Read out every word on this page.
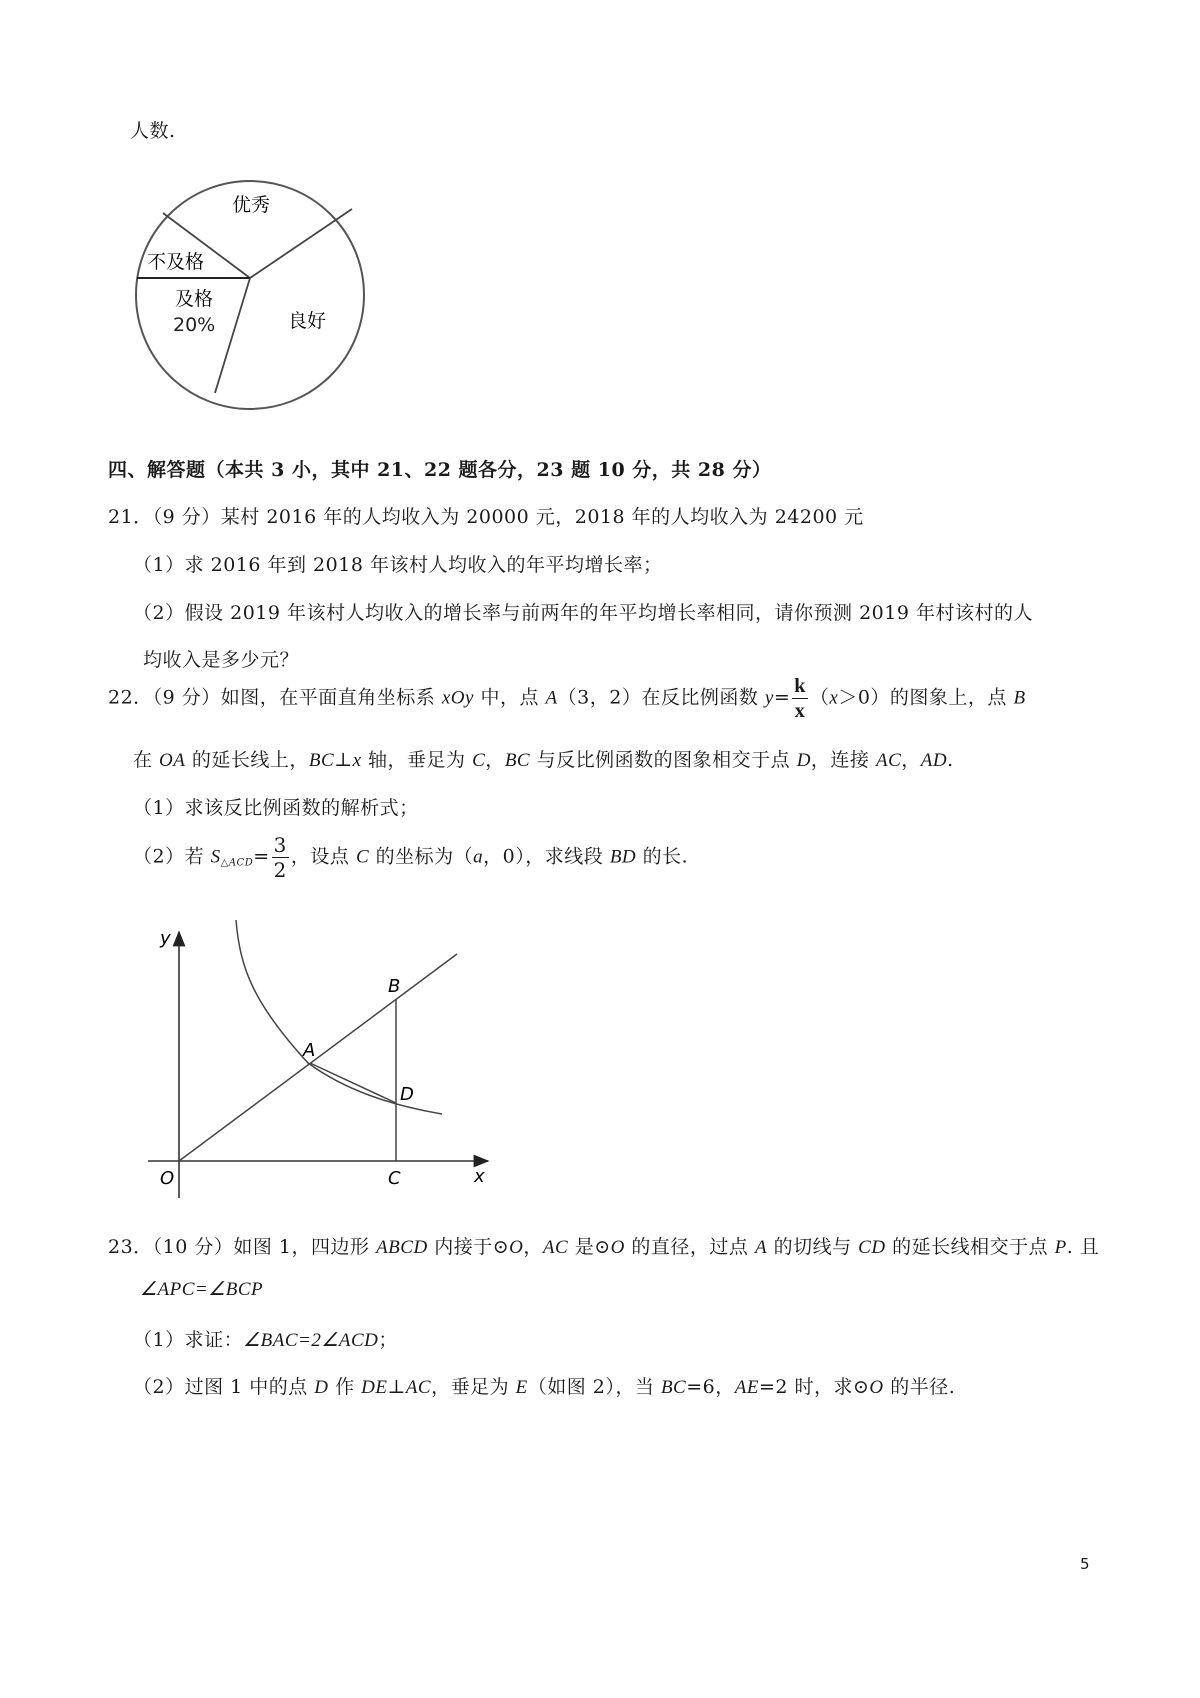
人数.
优秀
良好
及格
20%
不及格
四、解答题（本共 3 小，其中 21、22 题各分，23 题 10 分，共 28 分）
21．（9 分）某村 2016 年的人均收入为 20000 元，2018 年的人均收入为 24200 元
（1）求 2016 年到 2018 年该村人均收入的年平均增长率；
（2）假设 2019 年该村人均收入的增长率与前两年的年平均增长率相同，请你预测 2019 年村该村的人
均收入是多少元？
22．（9 分）如图，在平面直角坐标系 xOy 中，点 A（3，2）在反比例函数 $y= \frac{k}{x} (x>0)$的图象上，点 B
在 OA 的延长线上，BC⊥x 轴，垂足为 C，BC 与反比例函数的图象相交于点 D，连接 AC，AD.
（1）求该反比例函数的解析式；
（2）若 $S_{\triangle ACD}= \frac{3}{2}$ ，设点 C 的坐标为（a，0），求线段 BD 的长.
y
x
O
A
B
C
D
23．（10 分）如图 1，四边形 ABCD 内接于⊙O，AC 是⊙O 的直径，过点 A 的切线与 CD 的延长线相交于点 P. 且
∠APC=∠BCP
（1）求证：∠BAC=2∠ACD；
（2）过图 1 中的点 D 作 DE⊥AC，垂足为 E（如图 2），当 BC=6，AE=2 时，求⊙O 的半径.
5
